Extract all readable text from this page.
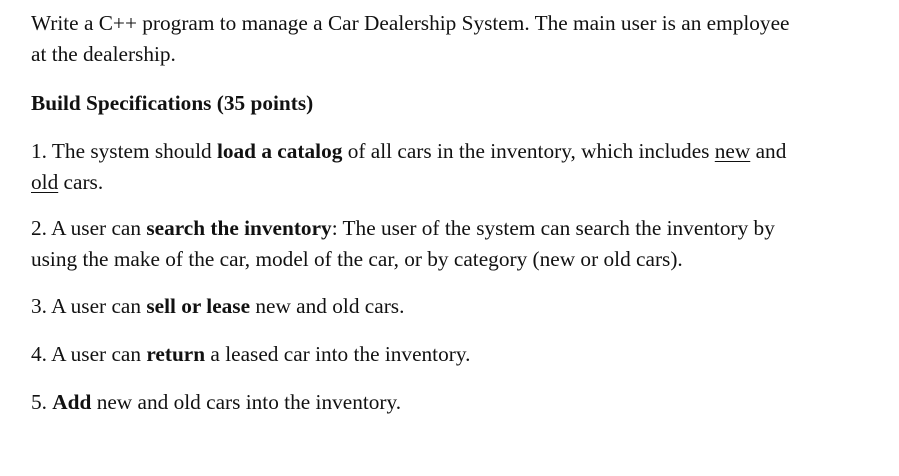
Write a C++ program to manage a Car Dealership System. The main user is an employee
at the dealership.

Build Specifications (35 points)

1. The system should load a catalog of all cars in the inventory, which includes new and
old cars.

2. A user can search the inventory: The user of the system can search the inventory by
using the make of the car, model of the car, or by category (new or old cars).

3. A user can sell or lease new and old cars.

4. A user can return a leased car into the inventory.

5. Add new and old cars into the inventory.
